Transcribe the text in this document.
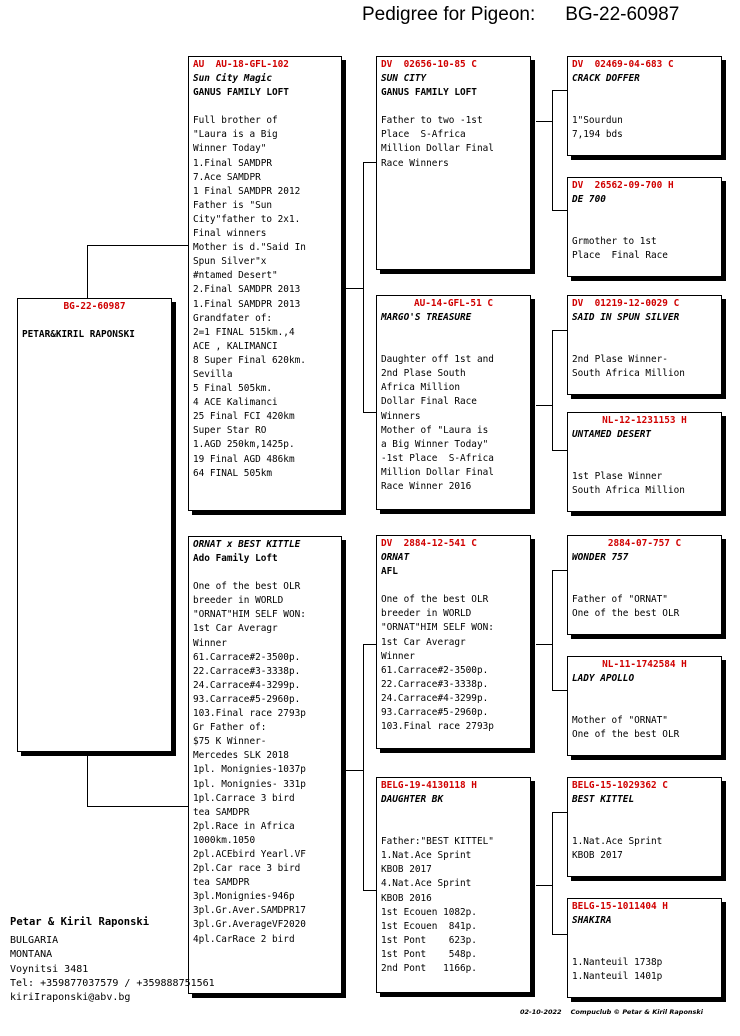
Pedigree for Pigeon: BG-22-60987
BG-22-60987
PETAR&KIRIL RAPONSKI
AU  AU-18-GFL-102
Sun City Magic
GANUS FAMILY LOFT
Full brother of
"Laura is a Big
Winner Today"
1.Final SAMDPR
7.Ace SAMDPR
1 Final SAMDPR 2012
Father is "Sun
City"father to 2x1.
Final winners
Mother is d."Said In
Spun Silver"x
#ntamed Desert"
2.Final SAMDPR 2013
1.Final SAMDPR 2013
Grandfater of:
2=1 FINAL 515km.,4
ACE , KALIMANCI
8 Super Final 620km.
Sevilla
5 Final 505km.
4 ACE Kalimanci
25 Final FCI 420km
Super Star RO
1.AGD 250km,1425p.
19 Final AGD 486km
64 FINAL 505km
ORNAT x BEST KITTLE
Ado Family Loft
One of the best OLR
breeder in WORLD
"ORNAT"HIM SELF WON:
1st Car Averagr
Winner
61.Carrace#2-3500p.
22.Carrace#3-3338p.
24.Carrace#4-3299p.
93.Carrace#5-2960p.
103.Final race 2793p
Gr Father of:
$75 K Winner-
Mercedes SLK 2018
1pl. Monignies-1037p
1pl. Monignies- 331p
1pl.Carrace 3 bird
tea SAMDPR
2pl.Race in Africa
1000km.1050
2pl.ACEbird Yearl.VF
2pl.Car race 3 bird
tea SAMDPR
3pl.Monignies-946p
3pl.Gr.Aver.SAMDPR17
3pl.Gr.AverageVF2020
4pl.CarRace 2 bird
DV  02656-10-85 C
SUN CITY
GANUS FAMILY LOFT
Father to two -1st
Place  S-Africa
Million Dollar Final
Race Winners
AU-14-GFL-51 C
MARGO'S TREASURE
Daughter off 1st and
2nd Plase South
Africa Million
Dollar Final Race
Winners
Mother of "Laura is
a Big Winner Today"
-1st Place  S-Africa
Million Dollar Final
Race Winner 2016
DV  2884-12-541 C
ORNAT
AFL
One of the best OLR
breeder in WORLD
"ORNAT"HIM SELF WON:
1st Car Averagr
Winner
61.Carrace#2-3500p.
22.Carrace#3-3338p.
24.Carrace#4-3299p.
93.Carrace#5-2960p.
103.Final race 2793p
BELG-19-4130118 H
DAUGHTER BK
Father:"BEST KITTEL"
1.Nat.Ace Sprint
KBOB 2017
4.Nat.Ace Sprint
KBOB 2016
1st Ecouen 1082p.
1st Ecouen  841p.
1st Pont    623p.
1st Pont    548p.
2nd Pont   1166p.
DV  02469-04-683 C
CRACK DOFFER
1"Sourdun
7,194 bds
DV  26562-09-700 H
DE 700
Grmother to 1st
Place  Final Race
DV  01219-12-0029 C
SAID IN SPUN SILVER
2nd Plase Winner-
South Africa Million
NL-12-1231153 H
UNTAMED DESERT
1st Plase Winner
South Africa Million
2884-07-757 C
WONDER 757
Father of "ORNAT"
One of the best OLR
NL-11-1742584 H
LADY APOLLO
Mother of "ORNAT"
One of the best OLR
BELG-15-1029362 C
BEST KITTEL
1.Nat.Ace Sprint
KBOB 2017
BELG-15-1011404 H
SHAKIRA
1.Nanteuil 1738p
1.Nanteuil 1401p
Petar & Kiril Raponski
BULGARIA
MONTANA
Voynitsi 3481
Tel: +359877037579 / +359888751561
kiriIraponski@abv.bg
02-10-2022 Compuclub © Petar & Kiril Raponski
